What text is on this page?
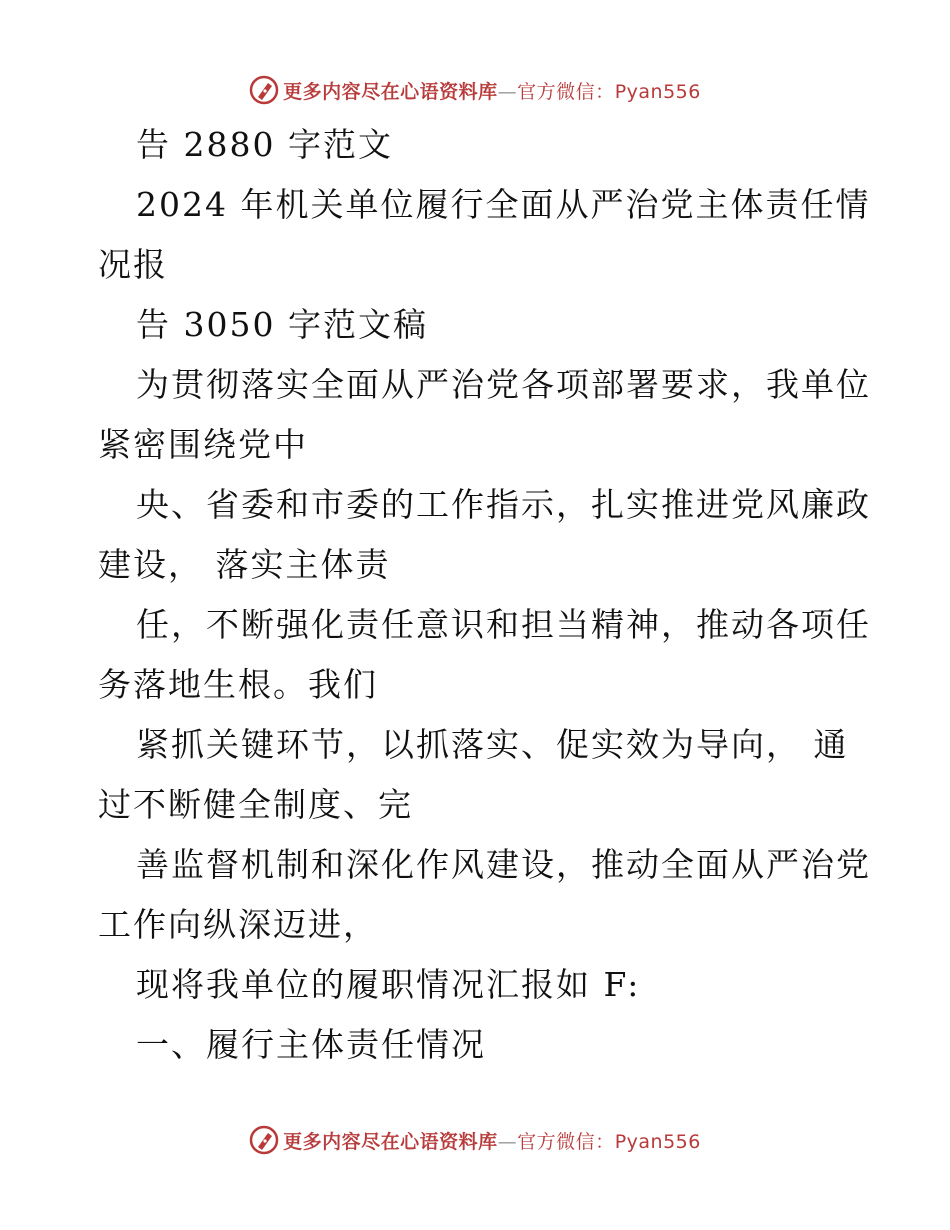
更多内容尽在心语资料库—官方微信：Pyan556
告 2880 字范文
2024 年机关单位履行全面从严治党主体责任情
况报
告 3050 字范文稿
为贯彻落实全面从严治党各项部署要求，我单位
紧密围绕党中
央、省委和市委的工作指示，扎实推进党风廉政
建设， 落实主体责
任，不断强化责任意识和担当精神，推动各项任
务落地生根。我们
紧抓关键环节，以抓落实、促实效为导向， 通
过不断健全制度、完
善监督机制和深化作风建设，推动全面从严治党
工作向纵深迈进，
现将我单位的履职情况汇报如 F:
一、履行主体责任情况
更多内容尽在心语资料库—官方微信：Pyan556
